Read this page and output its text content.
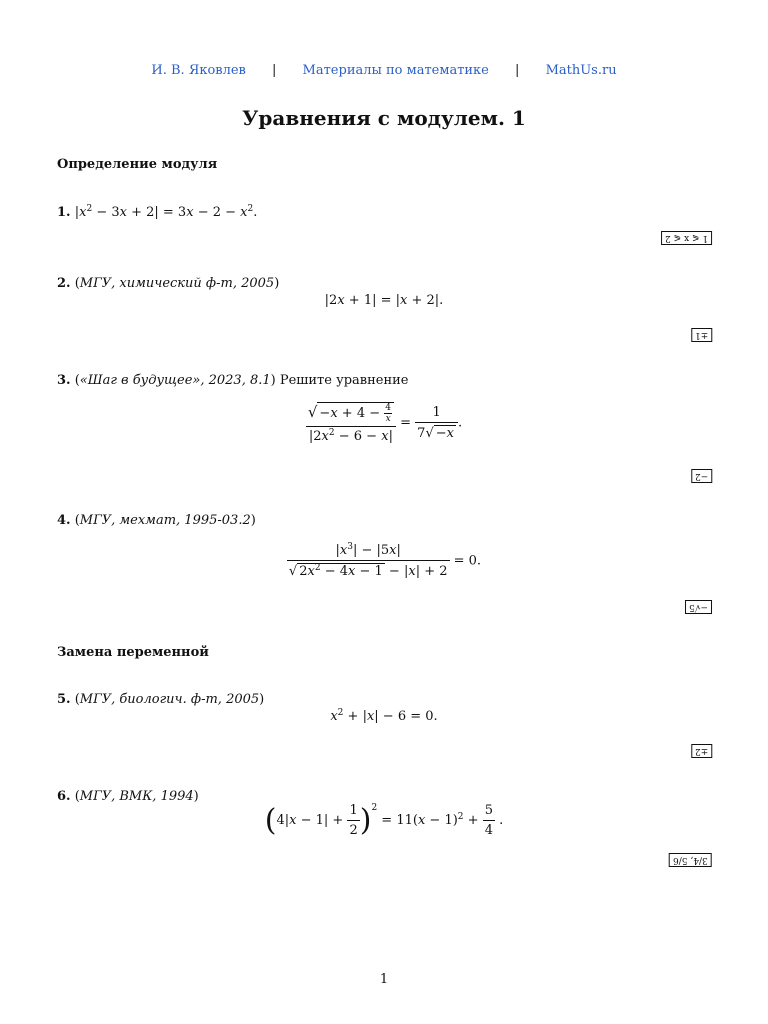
И. В. Яковлев | Материалы по математике | MathUs.ru
Уравнения с модулем. 1
Определение модуля
1. $|x^2 - 3x + 2| = 3x - 2 - x^2$.
1 ⩽ x ⩽ 2
2. (МГУ, химический ф-т, 2005)
|2x + 1| = |x + 2|.
±1
3. («Шаг в будущее», 2023, 8.1) Решите уравнение
$\frac{√ -x + 4 - \frac{4}{x}}{|2x^2 - 6 - x|} = \frac{1}{7√ -x}$ .
−2
4. (МГУ, мехмат, 1995-03.2)
$\frac{|x^3| - |5x|}{√ 2x^2 - 4x - 1 - |x| + 2} = 0$.
−√5
Замена переменной
5. (МГУ, биологич. ф-т, 2005)
$x^2 + |x| - 6 = 0$.
±2
6. (МГУ, ВМК, 1994)
$(4|x - 1| + \frac{1}{2} )^2 = 11(x - 1)^2 + \frac{5}{4}$ .
3/4, 5/6
1
